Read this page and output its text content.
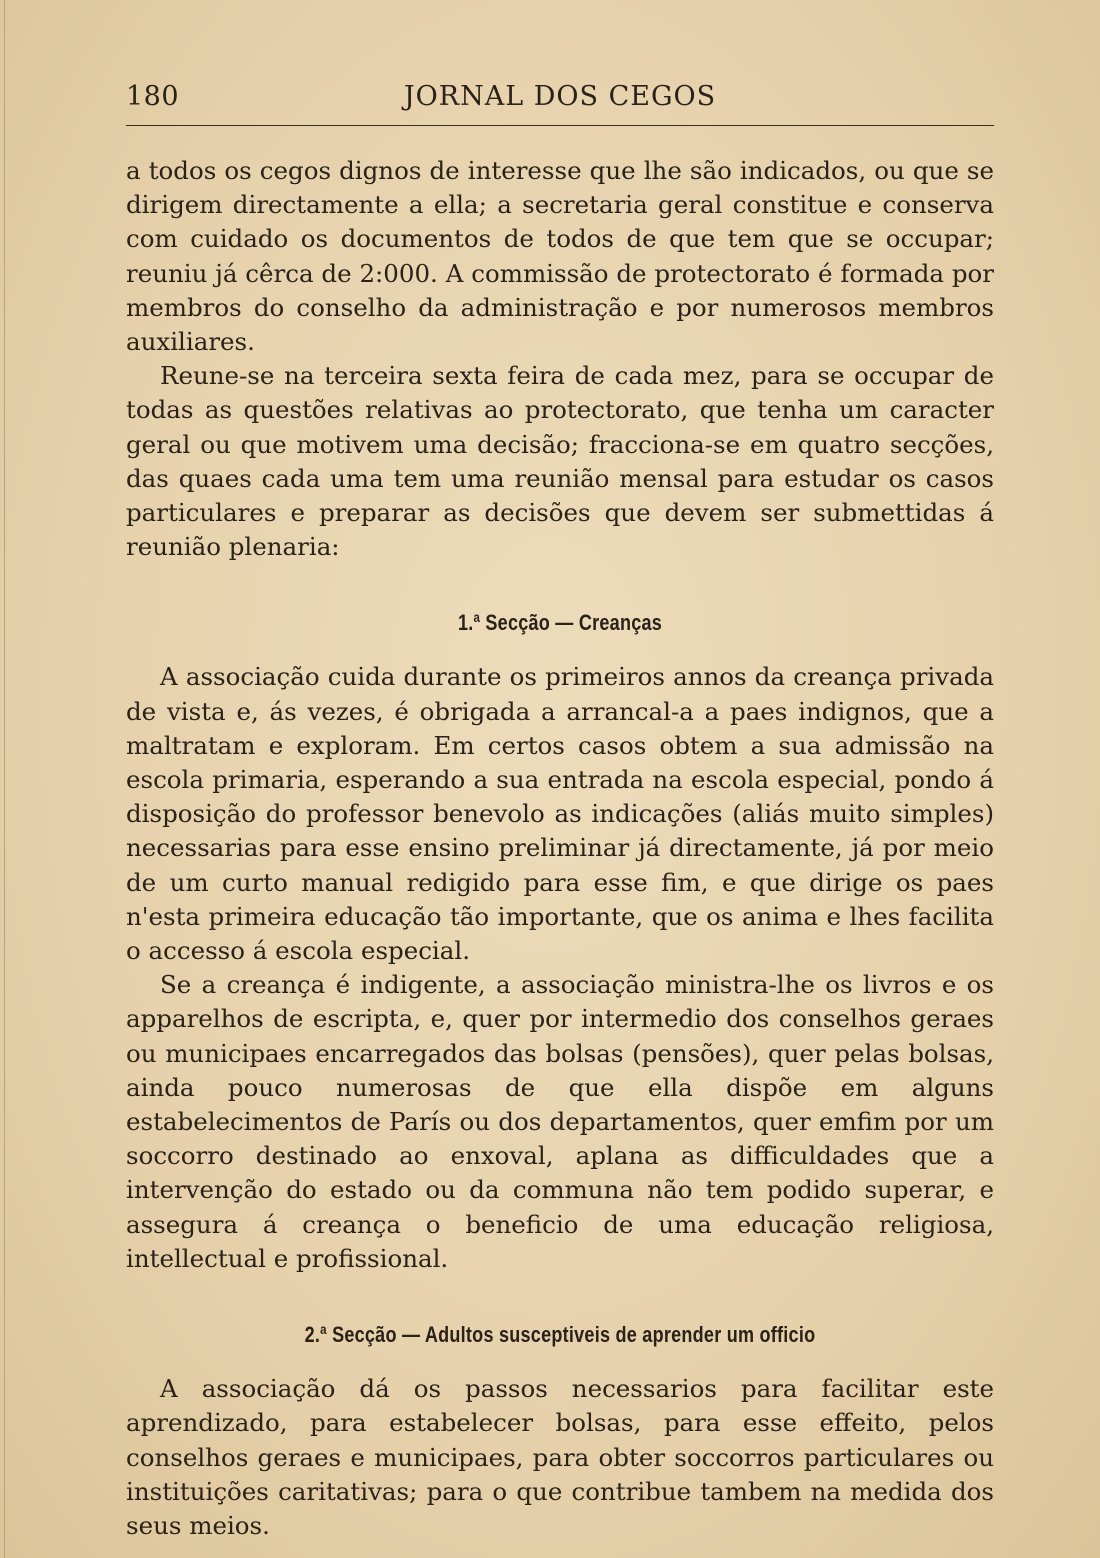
180	JORNAL DOS CEGOS

a todos os cegos dignos de interesse que lhe são indicados, ou que se dirigem directamente a ella; a secretaria geral constitue e conserva com cuidado os documentos de todos de que tem que se occupar; reuniu já cêrca de 2:000. A commissão de protectorato é formada por membros do conselho da administração e por numerosos membros auxiliares.

Reune-se na terceira sexta feira de cada mez, para se occupar de todas as questões relativas ao protectorato, que tenha um caracter geral ou que motivem uma decisão; fracciona-se em quatro secções, das quaes cada uma tem uma reunião mensal para estudar os casos particulares e preparar as decisões que devem ser submettidas á reunião plenaria:

1.$^a$ Secção — Creanças

A associação cuida durante os primeiros annos da creança privada de vista e, ás vezes, é obrigada a arrancal-a a paes indignos, que a maltratam e exploram. Em certos casos obtem a sua admissão na escola primaria, esperando a sua entrada na escola especial, pondo á disposição do professor benevolo as indicações (aliás muito simples) necessarias para esse ensino preliminar já directamente, já por meio de um curto manual redigido para esse fim, e que dirige os paes n'esta primeira educação tão importante, que os anima e lhes facilita o accesso á escola especial.

Se a creança é indigente, a associação ministra-lhe os livros e os apparelhos de escripta, e, quer por intermedio dos conselhos geraes ou municipaes encarregados das bolsas (pensões), quer pelas bolsas, ainda pouco numerosas de que ella dispõe em alguns estabelecimentos de París ou dos departamentos, quer emfim por um soccorro destinado ao enxoval, aplana as difficuldades que a intervenção do estado ou da communa não tem podido superar, e assegura á creança o beneficio de uma educação religiosa, intellectual e profissional.

2.$^a$ Secção — Adultos susceptiveis de aprender um officio

A associação dá os passos necessarios para facilitar este aprendizado, para estabelecer bolsas, para esse effeito, pelos conselhos geraes e municipaes, para obter soccorros particulares ou instituições caritativas; para o que contribue tambem na medida dos seus meios.
